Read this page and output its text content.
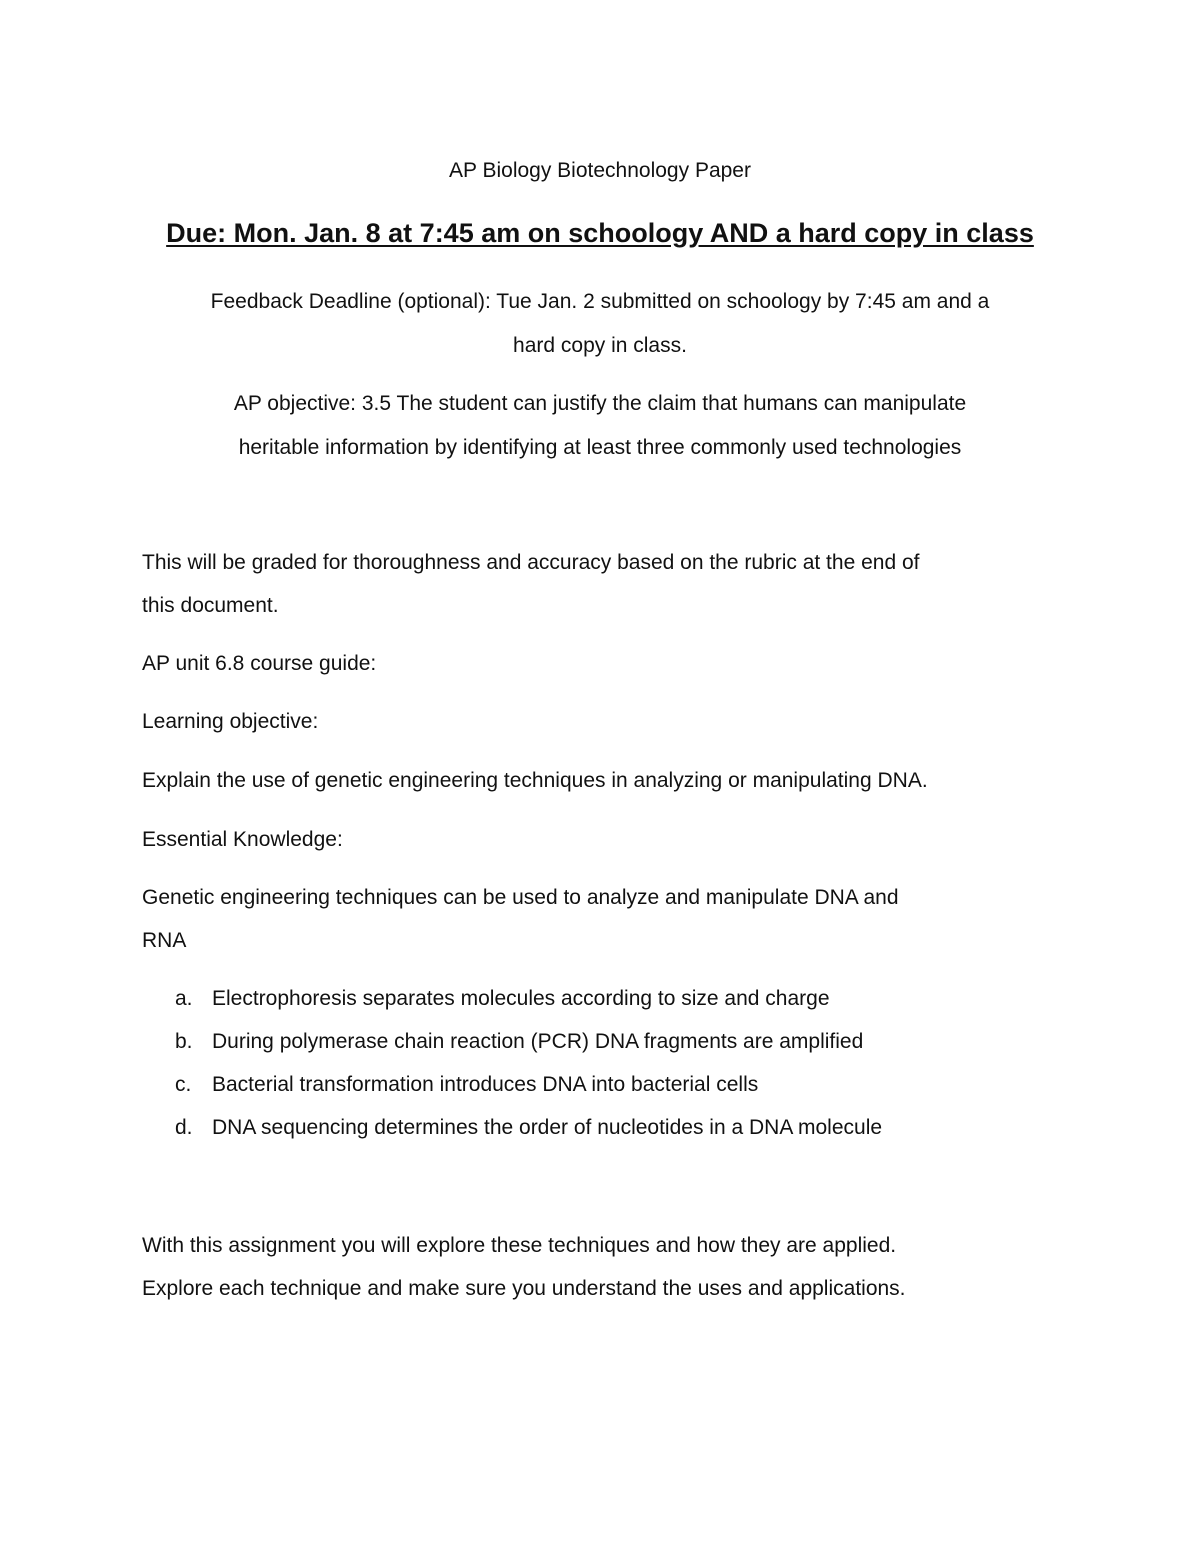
AP Biology Biotechnology Paper
Due: Mon. Jan. 8 at 7:45 am on schoology AND a hard copy in class
Feedback Deadline (optional): Tue Jan. 2 submitted on schoology by 7:45 am and a
hard copy in class.
AP objective: 3.5 The student can justify the claim that humans can manipulate
heritable information by identifying at least three commonly used technologies
This will be graded for thoroughness and accuracy based on the rubric at the end of
this document.
AP unit 6.8 course guide:
Learning objective:
Explain the use of genetic engineering techniques in analyzing or manipulating DNA.
Essential Knowledge:
Genetic engineering techniques can be used to analyze and manipulate DNA and
RNA
a. Electrophoresis separates molecules according to size and charge
b. During polymerase chain reaction (PCR) DNA fragments are amplified
c. Bacterial transformation introduces DNA into bacterial cells
d. DNA sequencing determines the order of nucleotides in a DNA molecule
With this assignment you will explore these techniques and how they are applied.
Explore each technique and make sure you understand the uses and applications.
